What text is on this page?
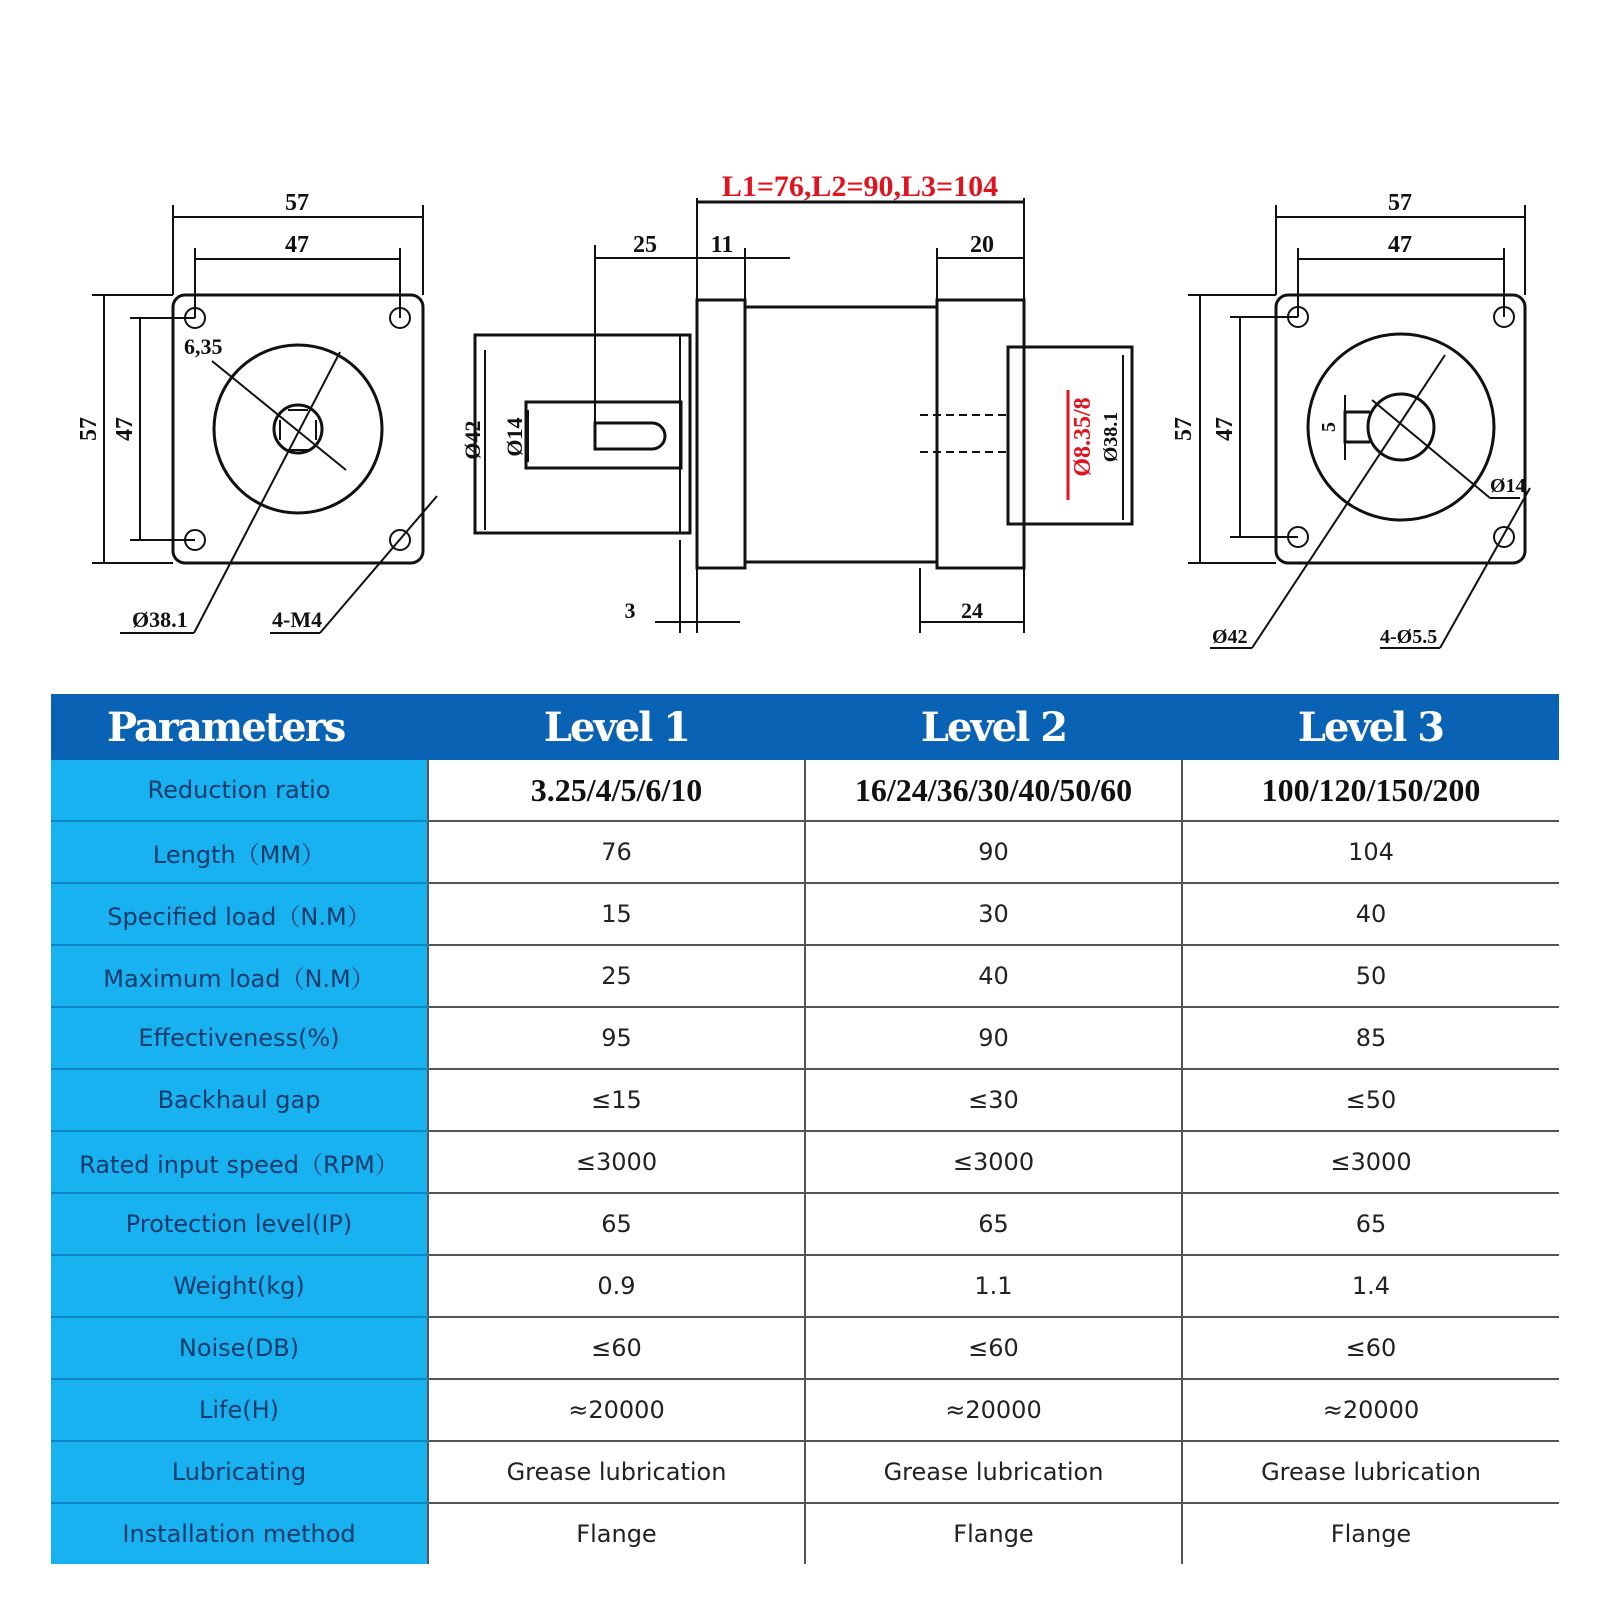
57
47
57 47
6,35
Ø38.1	4-M4
L1=76,L2=90,L3=104
25 11	20
Ø42 Ø14
3	24
Ø8.35/8 Ø38.1
57
47
57 47	5
Ø14
Ø42	4-Ø5.5
Parameters	Level 1	Level 2	Level 3
Reduction ratio	3.25/4/5/6/10	16/24/36/30/40/50/60	100/120/150/200
Length（MM）	76	90	104
Specified load（N.M）	15	30	40
Maximum load（N.M）	25	40	50
Effectiveness(%)	95	90	85
Backhaul gap	≤15	≤30	≤50
Rated input speed（RPM）	≤3000	≤3000	≤3000
Protection level(IP)	65	65	65
Weight(kg)	0.9	1.1	1.4
Noise(DB)	≤60	≤60	≤60
Life(H)	≈20000	≈20000	≈20000
Lubricating	Grease lubrication	Grease lubrication	Grease lubrication
Installation method	Flange	Flange	Flange
